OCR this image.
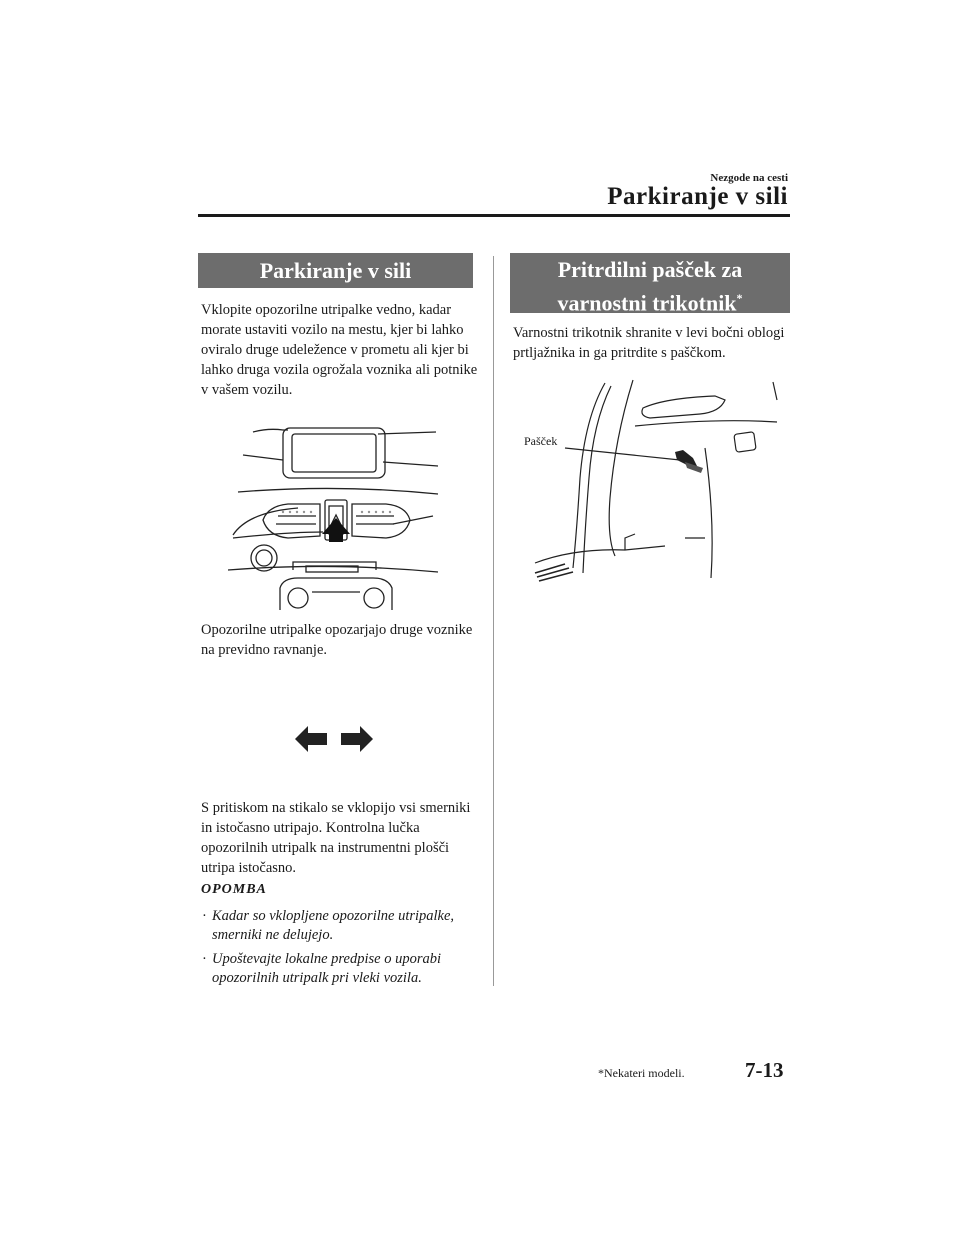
Nezgode na cesti
Parkiranje v sili
Parkiranje v sili
Vklopite opozorilne utripalke vedno, kadar morate ustaviti vozilo na mestu, kjer bi lahko oviralo druge udeležence v prometu ali kjer bi lahko druga vozila ogrožala voznika ali potnike v vašem vozilu.
Opozorilne utripalke opozarjajo druge voznike na previdno ravnanje.
S pritiskom na stikalo se vklopijo vsi smerniki in istočasno utripajo. Kontrolna lučka opozorilnih utripalk na instrumentni plošči utripa istočasno.
OPOMBA
· Kadar so vklopljene opozorilne utripalke, smerniki ne delujejo.
· Upoštevajte lokalne predpise o uporabi opozorilnih utripalk pri vleki vozila.
Pritrdilni pašček za
varnostni trikotnik*
Varnostni trikotnik shranite v levi bočni oblogi prtljažnika in ga pritrdite s paščkom.
Pašček
*Nekateri modeli.	7-13
